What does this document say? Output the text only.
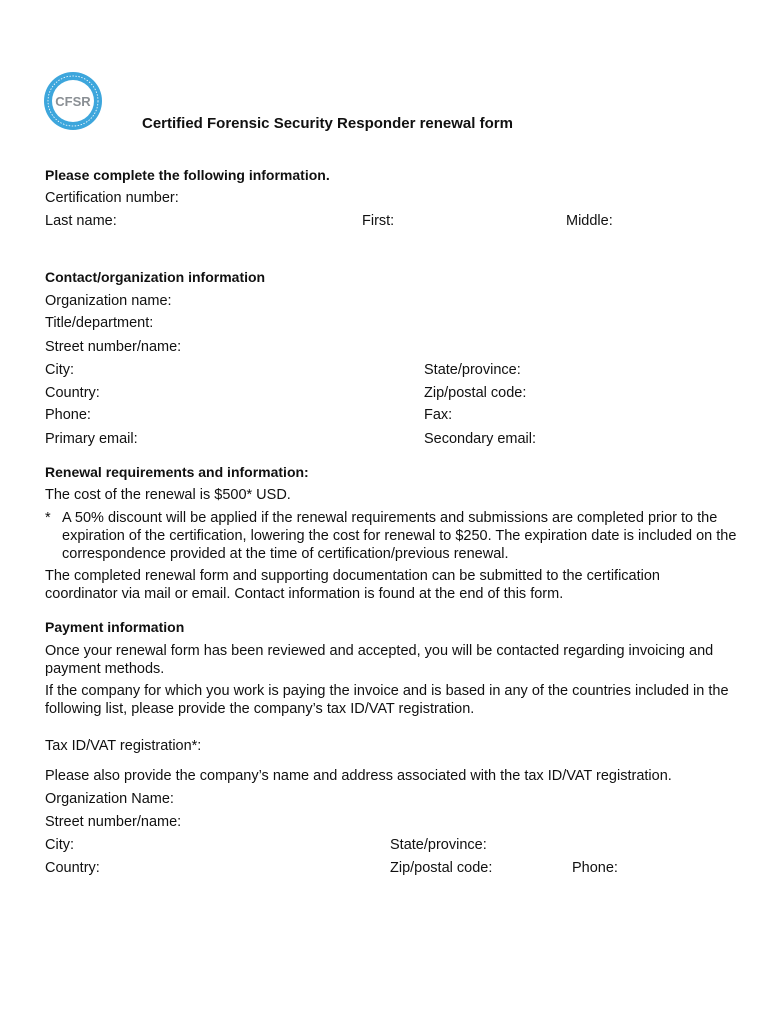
CFSR
Certified Forensic Security Responder renewal form
Please complete the following information.
Certification number:
Last name:	First:	Middle:
Contact/organization information
Organization name:
Title/department:
Street number/name:
City:	State/province:
Country:	Zip/postal code:
Phone:	Fax:
Primary email:	Secondary email:
Renewal requirements and information:
The cost of the renewal is $500* USD.
* A 50% discount will be applied if the renewal requirements and submissions are completed prior to the expiration of the certification, lowering the cost for renewal to $250. The expiration date is included on the correspondence provided at the time of certification/previous renewal.
The completed renewal form and supporting documentation can be submitted to the certification coordinator via mail or email. Contact information is found at the end of this form.
Payment information
Once your renewal form has been reviewed and accepted, you will be contacted regarding invoicing and payment methods.
If the company for which you work is paying the invoice and is based in any of the countries included in the following list, please provide the company’s tax ID/VAT registration.
Tax ID/VAT registration*:
Please also provide the company’s name and address associated with the tax ID/VAT registration.
Organization Name:
Street number/name:
City:	State/province:
Country:	Zip/postal code:	Phone:
